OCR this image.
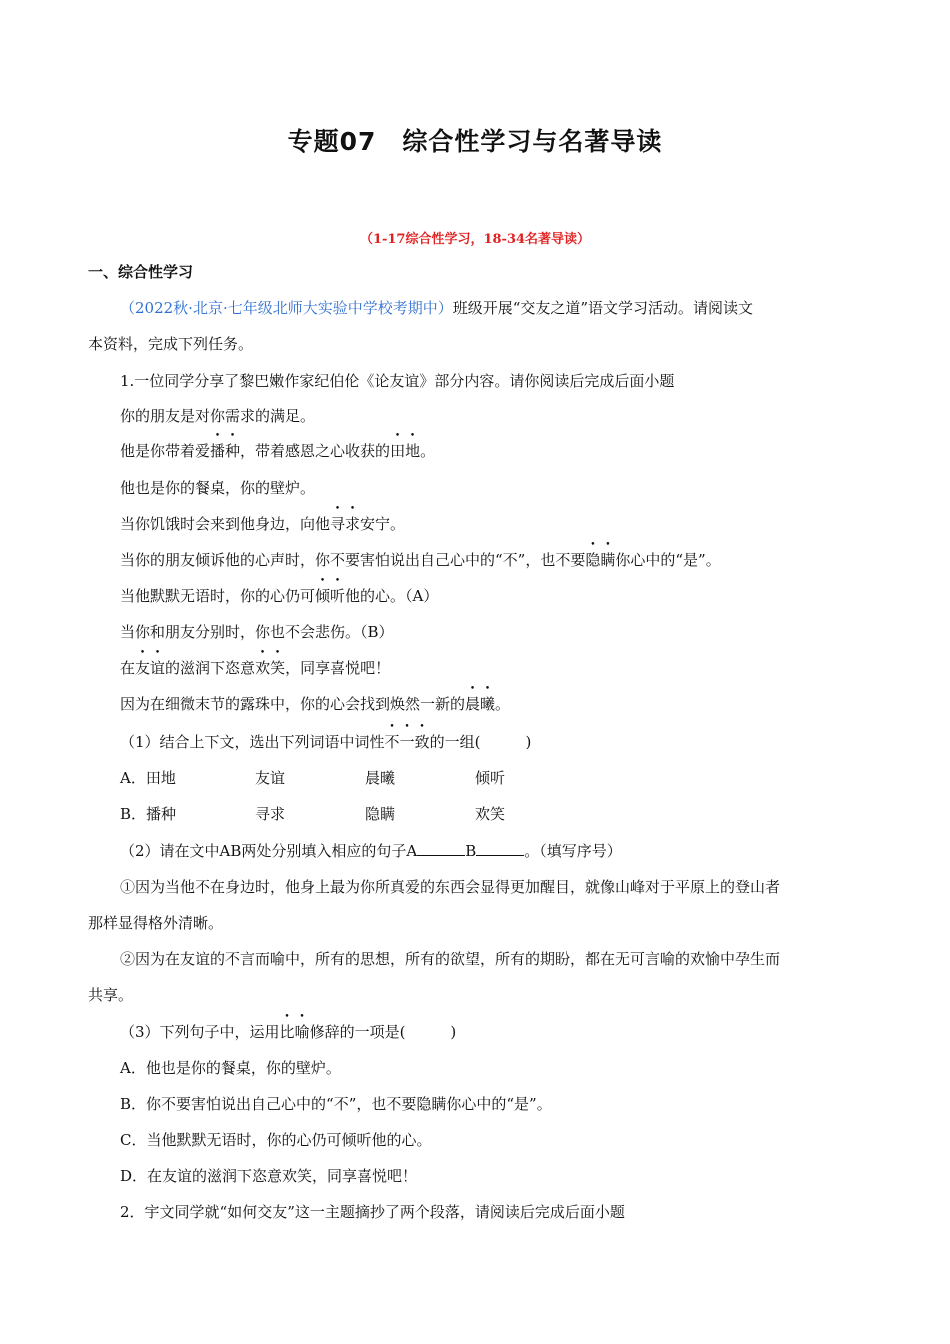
专题07 综合性学习与名著导读
（1-17综合性学习，18-34名著导读）
一、综合性学习
（2022秋·北京·七年级北师大实验中学校考期中）班级开展“交友之道”语文学习活动。请阅读文
本资料，完成下列任务。
1.一位同学分享了黎巴嫩作家纪伯伦《论友谊》部分内容。请你阅读后完成后面小题
你的朋友是对你需求的满足。
他是你带着爱播种，带着感恩之心收获的田地。
他也是你的餐桌，你的壁炉。
当你饥饿时会来到他身边，向他寻求安宁。
当你的朋友倾诉他的心声时，你不要害怕说出自己心中的“不”，也不要隐瞒你心中的“是”。
当他默默无语时，你的心仍可倾听他的心。（A）
当你和朋友分别时，你也不会悲伤。（B）
在友谊的滋润下恣意欢笑，同享喜悦吧！
因为在细微末节的露珠中，你的心会找到焕然一新的晨曦。
（1）结合上下文，选出下列词语中词性不一致的一组(　　　)
A．田地	友谊	晨曦	倾听
B．播种	寻求	隐瞒	欢笑
（2）请在文中AB两处分别填入相应的句子A	B	。（填写序号）
①因为当他不在身边时，他身上最为你所真爱的东西会显得更加醒目，就像山峰对于平原上的登山者
那样显得格外清晰。
②因为在友谊的不言而喻中，所有的思想，所有的欲望，所有的期盼，都在无可言喻的欢愉中孕生而
共享。
（3）下列句子中，运用比喻修辞的一项是(　　　)
A．他也是你的餐桌，你的壁炉。
B．你不要害怕说出自己心中的“不”，也不要隐瞒你心中的“是”。
C．当他默默无语时，你的心仍可倾听他的心。
D．在友谊的滋润下恣意欢笑，同享喜悦吧！
2．宇文同学就“如何交友”这一主题摘抄了两个段落，请阅读后完成后面小题
